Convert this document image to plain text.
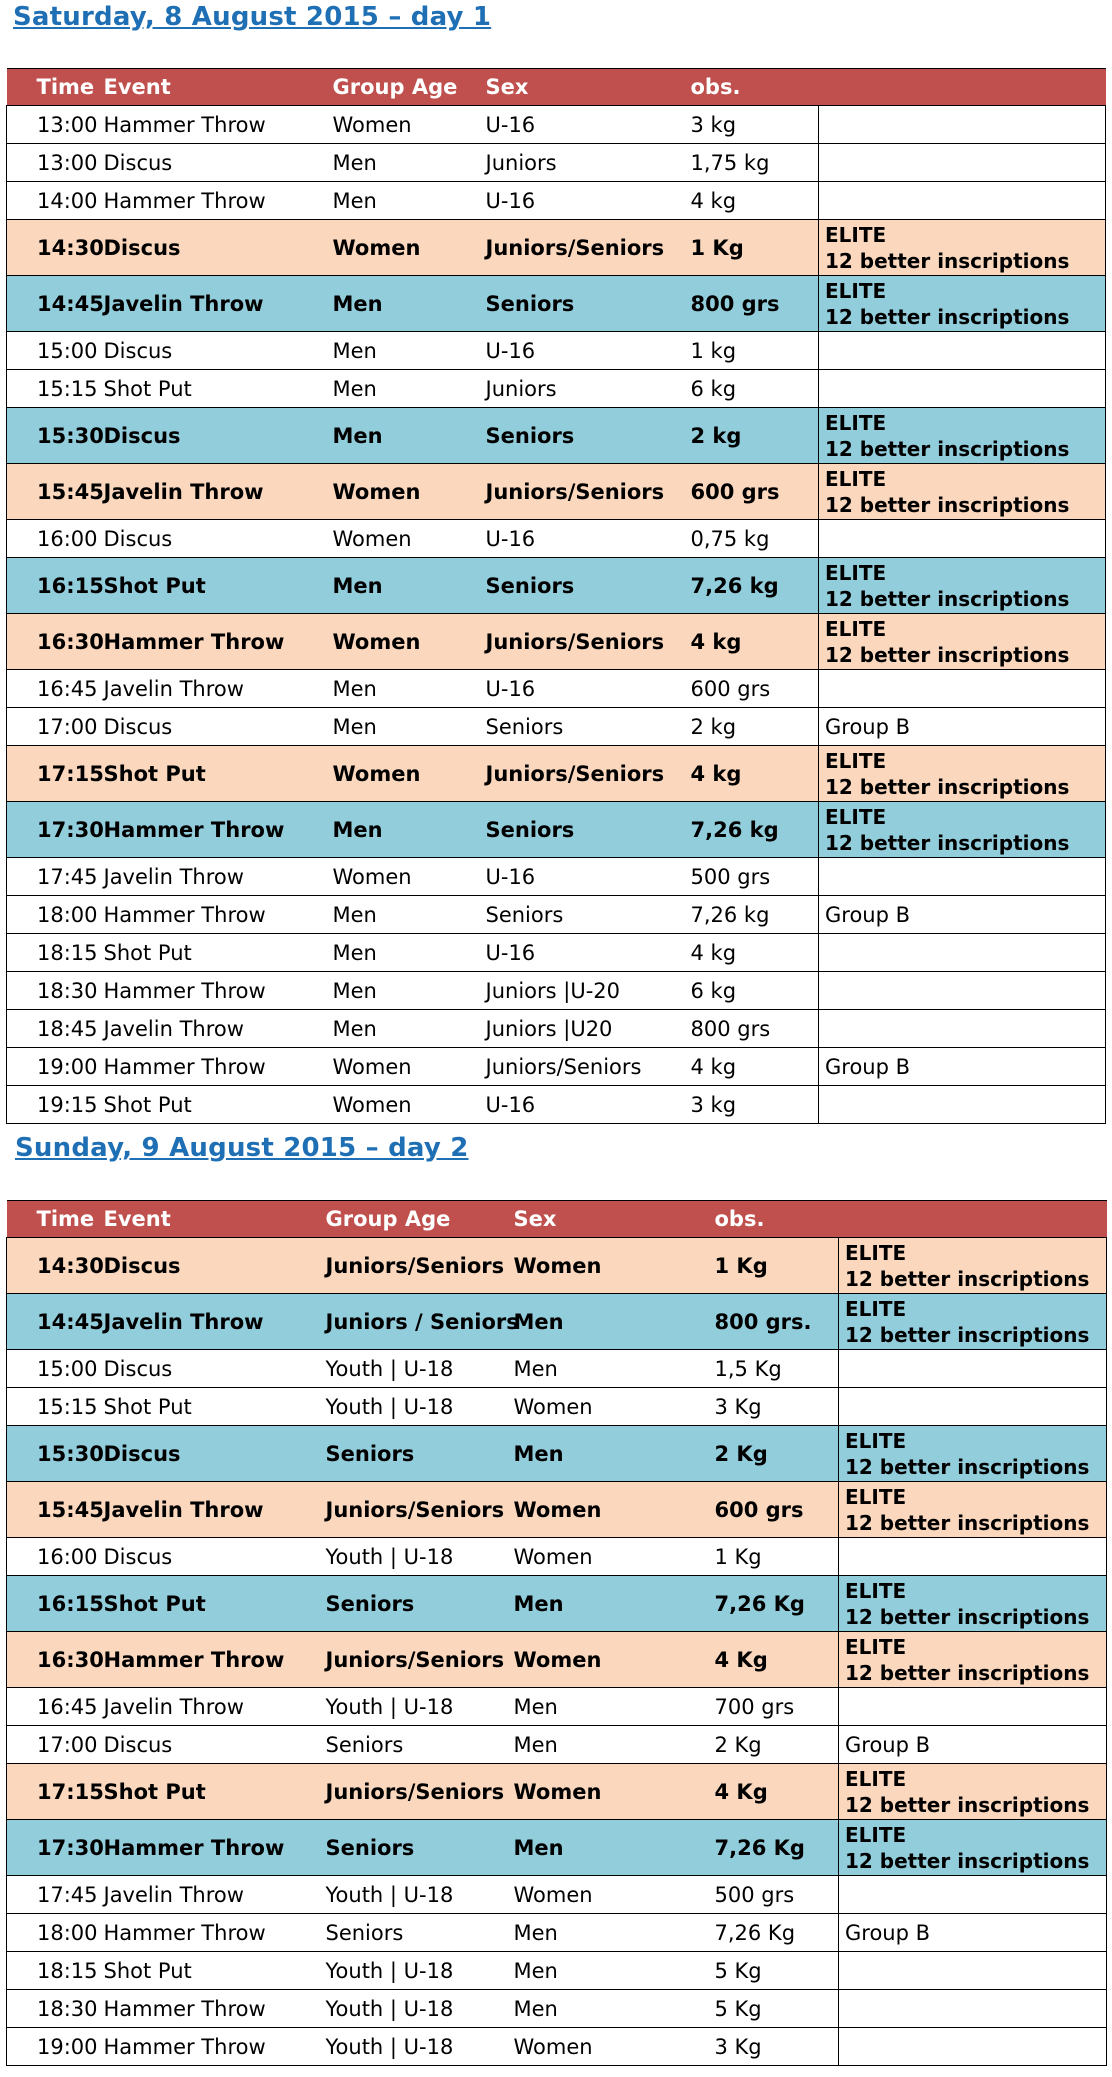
Saturday, 8 August 2015 – day 1
Time	Event	Group Age	Sex	obs.	
13:00	Hammer Throw	Women	U-16	3 kg	
13:00	Discus	Men	Juniors	1,75 kg	
14:00	Hammer Throw	Men	U-16	4 kg	
14:30	Discus	Women	Juniors/Seniors	1 Kg	ELITE
12 better inscriptions

14:45	Javelin Throw	Men	Seniors	800 grs	ELITE
12 better inscriptions

15:00	Discus	Men	U-16	1 kg	
15:15	Shot Put	Men	Juniors	6 kg	
15:30	Discus	Men	Seniors	2 kg	ELITE
12 better inscriptions

15:45	Javelin Throw	Women	Juniors/Seniors	600 grs	ELITE
12 better inscriptions

16:00	Discus	Women	U-16	0,75 kg	
16:15	Shot Put	Men	Seniors	7,26 kg	ELITE
12 better inscriptions

16:30	Hammer Throw	Women	Juniors/Seniors	4 kg	ELITE
12 better inscriptions

16:45	Javelin Throw	Men	U-16	600 grs	
17:00	Discus	Men	Seniors	2 kg	Group B

17:15	Shot Put	Women	Juniors/Seniors	4 kg	ELITE
12 better inscriptions

17:30	Hammer Throw	Men	Seniors	7,26 kg	ELITE
12 better inscriptions

17:45	Javelin Throw	Women	U-16	500 grs	
18:00	Hammer Throw	Men	Seniors	7,26 kg	Group B

18:15	Shot Put	Men	U-16	4 kg	
18:30	Hammer Throw	Men	Juniors |U-20	6 kg	
18:45	Javelin Throw	Men	Juniors |U20	800 grs	
19:00	Hammer Throw	Women	Juniors/Seniors	4 kg	Group B

19:15	Shot Put	Women	U-16	3 kg	
Sunday, 9 August 2015 – day 2
Time	Event	Group Age	Sex	obs.	
14:30	Discus	Juniors/Seniors	Women	1 Kg	ELITE
12 better inscriptions

14:45	Javelin Throw	Juniors / Seniors	Men	800 grs.	ELITE
12 better inscriptions

15:00	Discus	Youth | U-18	Men	1,5 Kg	
15:15	Shot Put	Youth | U-18	Women	3 Kg	
15:30	Discus	Seniors	Men	2 Kg	ELITE
12 better inscriptions

15:45	Javelin Throw	Juniors/Seniors	Women	600 grs	ELITE
12 better inscriptions

16:00	Discus	Youth | U-18	Women	1 Kg	
16:15	Shot Put	Seniors	Men	7,26 Kg	ELITE
12 better inscriptions

16:30	Hammer Throw	Juniors/Seniors	Women	4 Kg	ELITE
12 better inscriptions

16:45	Javelin Throw	Youth | U-18	Men	700 grs	
17:00	Discus	Seniors	Men	2 Kg	Group B

17:15	Shot Put	Juniors/Seniors	Women	4 Kg	ELITE
12 better inscriptions

17:30	Hammer Throw	Seniors	Men	7,26 Kg	ELITE
12 better inscriptions

17:45	Javelin Throw	Youth | U-18	Women	500 grs	
18:00	Hammer Throw	Seniors	Men	7,26 Kg	Group B

18:15	Shot Put	Youth | U-18	Men	5 Kg	
18:30	Hammer Throw	Youth | U-18	Men	5 Kg	
19:00	Hammer Throw	Youth | U-18	Women	3 Kg	
